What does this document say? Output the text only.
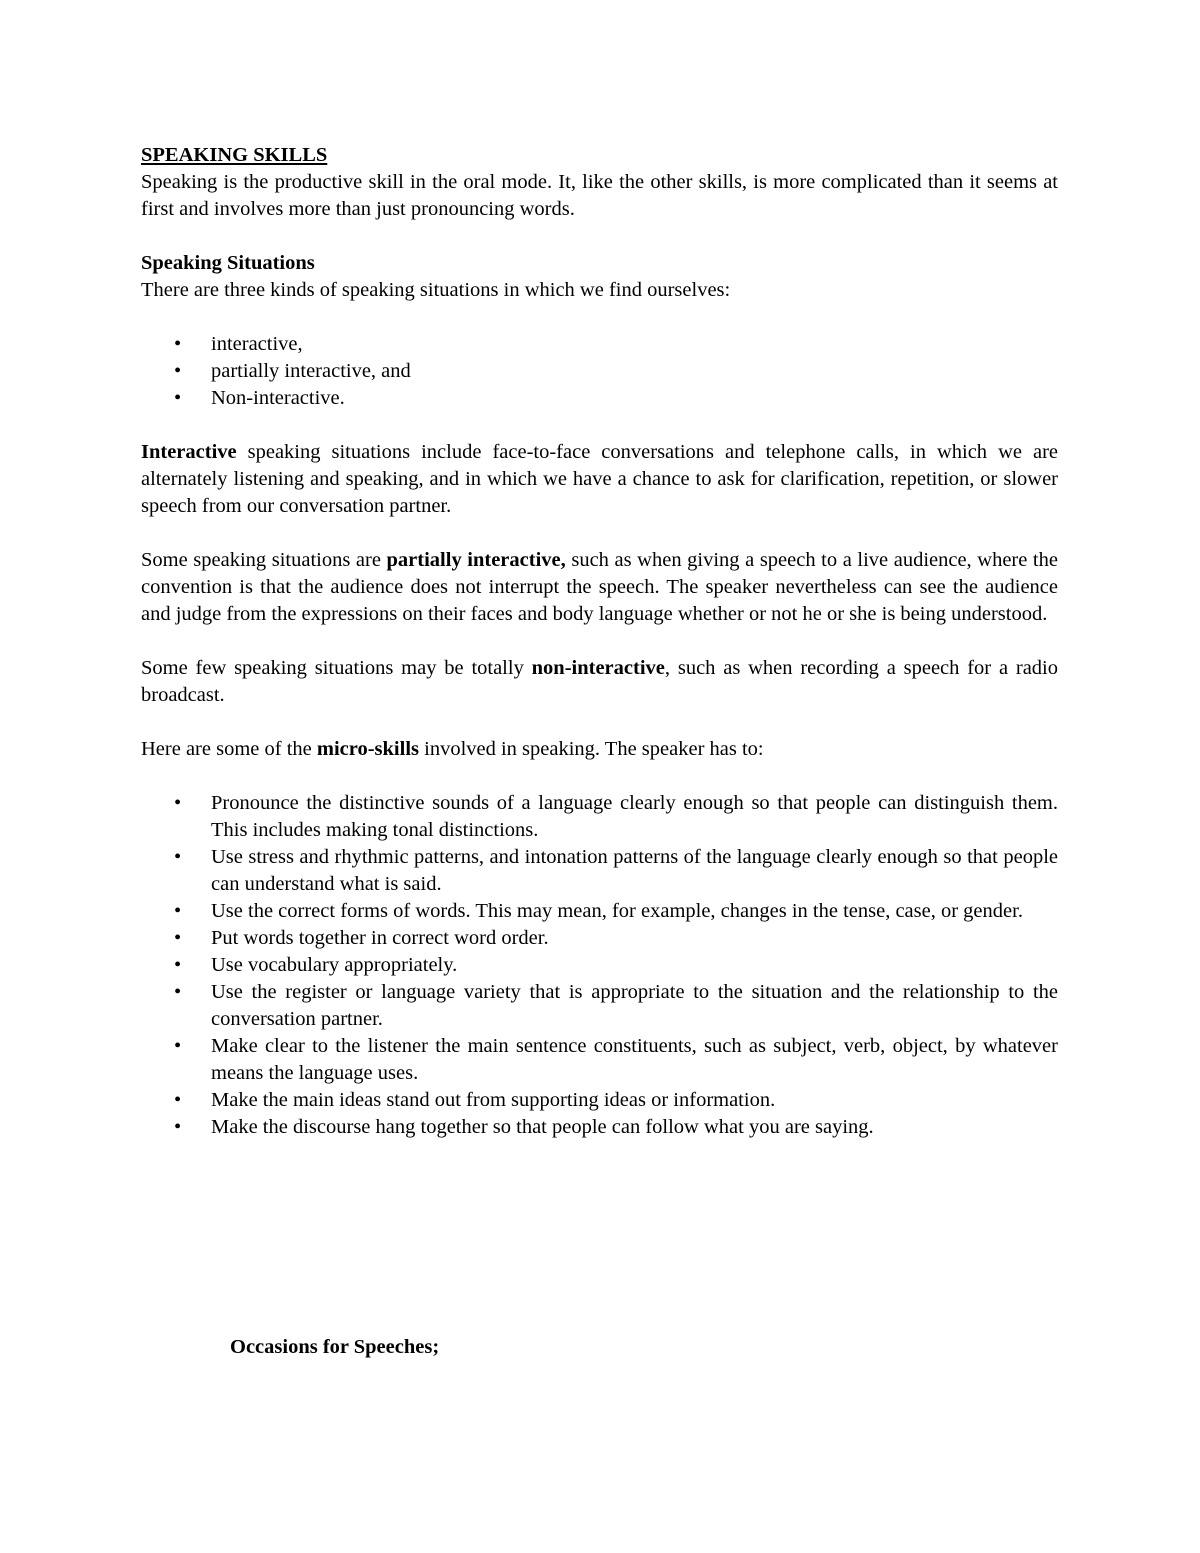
SPEAKING SKILLS

Speaking is the productive skill in the oral mode. It, like the other skills, is more complicated than it seems at first and involves more than just pronouncing words.

Speaking Situations

There are three kinds of speaking situations in which we find ourselves:

• interactive,
• partially interactive, and
• Non-interactive.

Interactive speaking situations include face-to-face conversations and telephone calls, in which we are alternately listening and speaking, and in which we have a chance to ask for clarification, repetition, or slower speech from our conversation partner.

Some speaking situations are partially interactive, such as when giving a speech to a live audience, where the convention is that the audience does not interrupt the speech. The speaker nevertheless can see the audience and judge from the expressions on their faces and body language whether or not he or she is being understood.

Some few speaking situations may be totally non-interactive, such as when recording a speech for a radio broadcast.

Here are some of the micro-skills involved in speaking. The speaker has to:

• Pronounce the distinctive sounds of a language clearly enough so that people can distinguish them. This includes making tonal distinctions.
• Use stress and rhythmic patterns, and intonation patterns of the language clearly enough so that people can understand what is said.
• Use the correct forms of words. This may mean, for example, changes in the tense, case, or gender.
• Put words together in correct word order.
• Use vocabulary appropriately.
• Use the register or language variety that is appropriate to the situation and the relationship to the conversation partner.
• Make clear to the listener the main sentence constituents, such as subject, verb, object, by whatever means the language uses.
• Make the main ideas stand out from supporting ideas or information.
• Make the discourse hang together so that people can follow what you are saying.

Occasions for Speeches;
